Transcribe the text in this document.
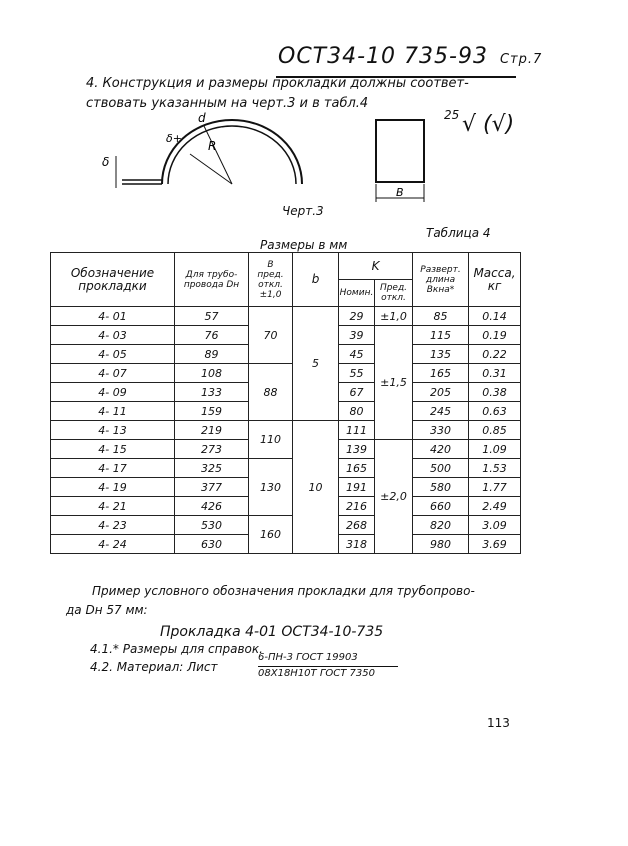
ОСТ34-10 735-93 Стр.7
4. Конструкция и размеры прокладки должны соответ-
ствовать указанным на черт.3 и в табл.4
δ
δ+
d
R
B
25 √ (√)
Черт.3
Таблица 4
Размеры в мм
Обозначение прокладки	Для трубо-провода Dн	B
пред. откл. ±1,0	b	K		Разверт. длина Вкна*	Масса, кг
				Номин.	Пред. откл.		
4- 01	57	70	5	29	±1,0	85	0.14
4- 03	76			39	±1,5	115	0.19
4- 05	89			45		135	0.22
4- 07	108	88		55		165	0.31
4- 09	133			67		205	0.38
4- 11	159			80		245	0.63
4- 13	219	110	10	111		330	0.85
4- 15	273			139	±2,0	420	1.09
4- 17	325	130		165		500	1.53
4- 19	377			191		580	1.77
4- 21	426			216		660	2.49
4- 23	530	160		268		820	3.09
4- 24	630			318		980	3.69
Пример условного обозначения прокладки для трубопрово-
да Dн 57 мм:
Прокладка 4-01 ОСТ34-10-735
4.1.* Размеры для справок.
4.2. Материал: Лист
6-ПН-3 ГОСТ 19903
08Х18Н10Т ГОСТ 7350
113
